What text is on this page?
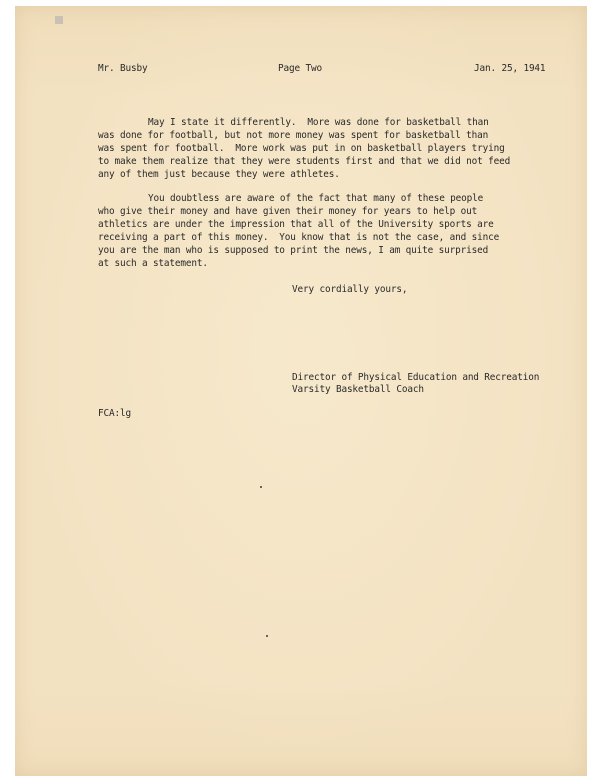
Mr. Busby	Page Two	Jan. 25, 1941
May I state it differently.  More was done for basketball than
was done for football, but not more money was spent for basketball than
was spent for football.  More work was put in on basketball players trying
to make them realize that they were students first and that we did not feed
any of them just because they were athletes.
You doubtless are aware of the fact that many of these people
who give their money and have given their money for years to help out
athletics are under the impression that all of the University sports are
receiving a part of this money.  You know that is not the case, and since
you are the man who is supposed to print the news, I am quite surprised
at such a statement.
Very cordially yours,
Director of Physical Education and Recreation
Varsity Basketball Coach
FCA:lg
